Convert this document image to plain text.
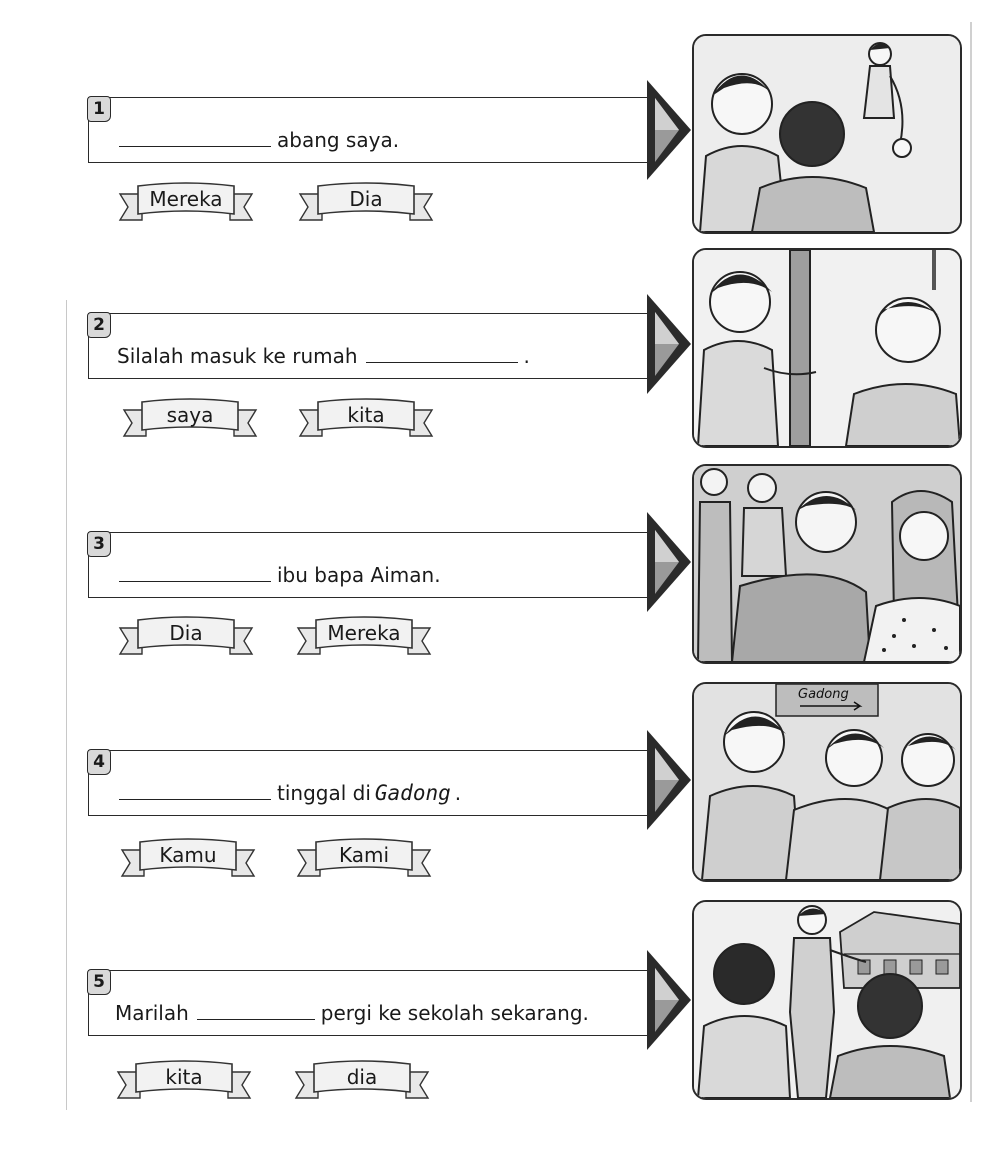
1
abang saya.
Mereka	Dia
2
Silalah masuk ke rumah	.
saya	kita
3
ibu bapa Aiman.
Dia	Mereka
4
tinggal di Gadong .
Kamu	Kami
Gadong
5
Marilah	pergi ke sekolah sekarang.
kita	dia
